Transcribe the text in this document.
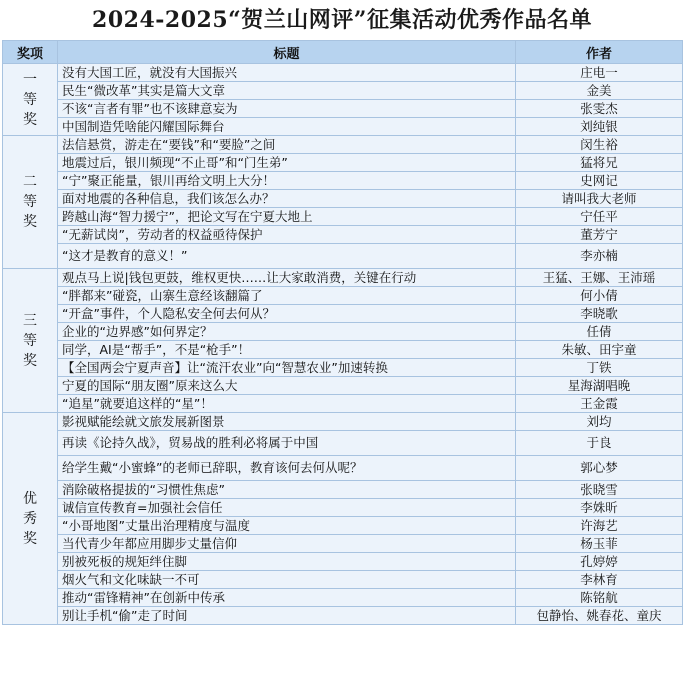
2024-2025“贺兰山网评”征集活动优秀作品名单
奖项	标题	作者
一等奖	没有大国工匠，就没有大国振兴	庄电一
	民生“微改革”其实是篇大文章	金美
	不该“言者有罪”也不该肆意妄为	张雯杰
	中国制造凭啥能闪耀国际舞台	刘纯银
二等奖	法信悬赏，游走在“要钱”和“要脸”之间	闵生裕
	地震过后，银川频现“不止哥”和“门生弟”	猛将兄
	“宁”聚正能量，银川再给文明上大分！	史网记
	面对地震的各种信息，我们该怎么办？	请叫我大老师
	跨越山海“智力援宁”，把论文写在宁夏大地上	宁任平
	“无薪试岗”，劳动者的权益亟待保护	董芳宁
	“这才是教育的意义！”	李亦楠
三等奖	观点马上说|钱包更鼓，维权更快……让大家敢消费，关键在行动	王猛、王娜、王沛瑶
	“胖都来”碰瓷，山寨生意经该翻篇了	何小倩
	“开盒”事件，个人隐私安全何去何从？	李晓歌
	企业的“边界感”如何界定？	任倩
	同学，AI是“帮手”，不是“枪手”！	朱敏、田宇童
	【全国两会宁夏声音】让“流汗农业”向“智慧农业”加速转换	丁铁
	宁夏的国际“朋友圈”原来这么大	星海湖唱晚
	“追星”就要追这样的“星”！	王金霞
优秀奖	影视赋能绘就文旅发展新图景	刘均
	再读《论持久战》，贸易战的胜利必将属于中国	于良
	给学生戴“小蜜蜂”的老师已辞职，教育该何去何从呢？	郭心梦
	消除破格提拔的“习惯性焦虑”	张晓雪
	诚信宣传教育=加强社会信任	李姝昕
	“小哥地图”丈量出治理精度与温度	许海艺
	当代青少年都应用脚步丈量信仰	杨玉菲
	别被死板的规矩绊住脚	孔婷婷
	烟火气和文化味缺一不可	李林育
	推动“雷锋精神”在创新中传承	陈铭航
	别让手机“偷”走了时间	包静怡、姚春花、童庆
